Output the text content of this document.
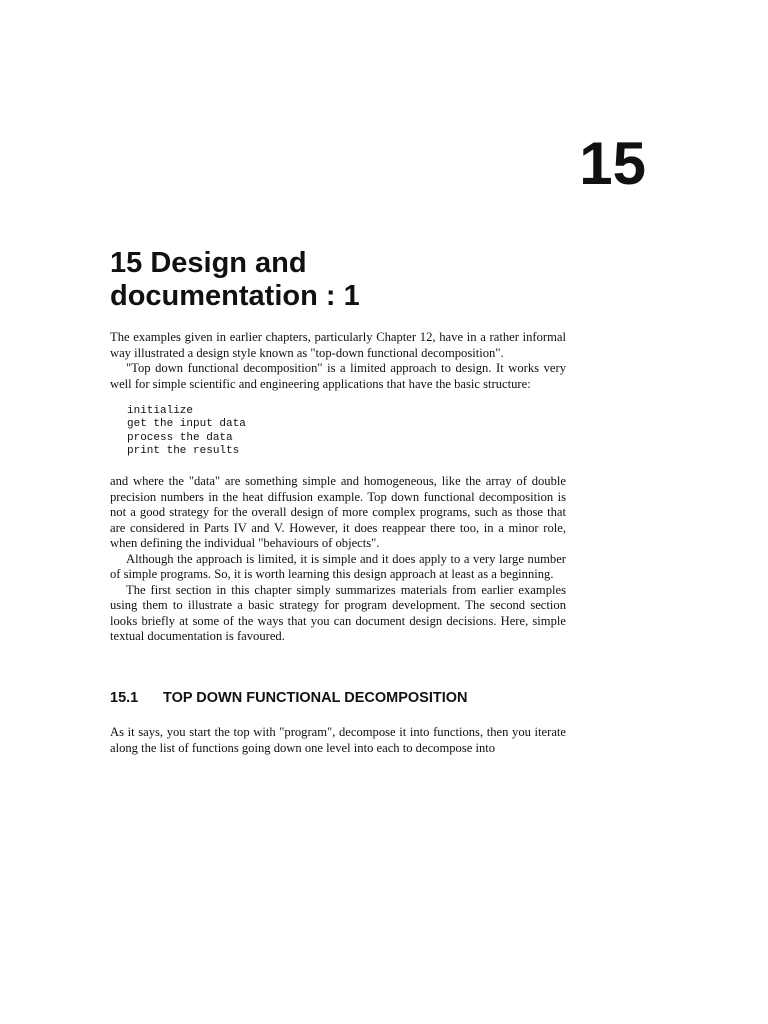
15
15 Design and
documentation : 1

The examples given in earlier chapters, particularly Chapter 12, have in a rather informal way illustrated a design style known as "top-down functional decomposition".

"Top down functional decomposition" is a limited approach to design. It works very well for simple scientific and engineering applications that have the basic structure:

initialize
get the input data
process the data
print the results

and where the "data" are something simple and homogeneous, like the array of double precision numbers in the heat diffusion example. Top down functional decomposition is not a good strategy for the overall design of more complex programs, such as those that are considered in Parts IV and V. However, it does reappear there too, in a minor role, when defining the individual "behaviours of objects".

Although the approach is limited, it is simple and it does apply to a very large number of simple programs. So, it is worth learning this design approach at least as a beginning.

The first section in this chapter simply summarizes materials from earlier examples using them to illustrate a basic strategy for program development. The second section looks briefly at some of the ways that you can document design decisions. Here, simple textual documentation is favoured.

15.1 TOP DOWN FUNCTIONAL DECOMPOSITION

As it says, you start the top with "program", decompose it into functions, then you iterate along the list of functions going down one level into each to decompose into
